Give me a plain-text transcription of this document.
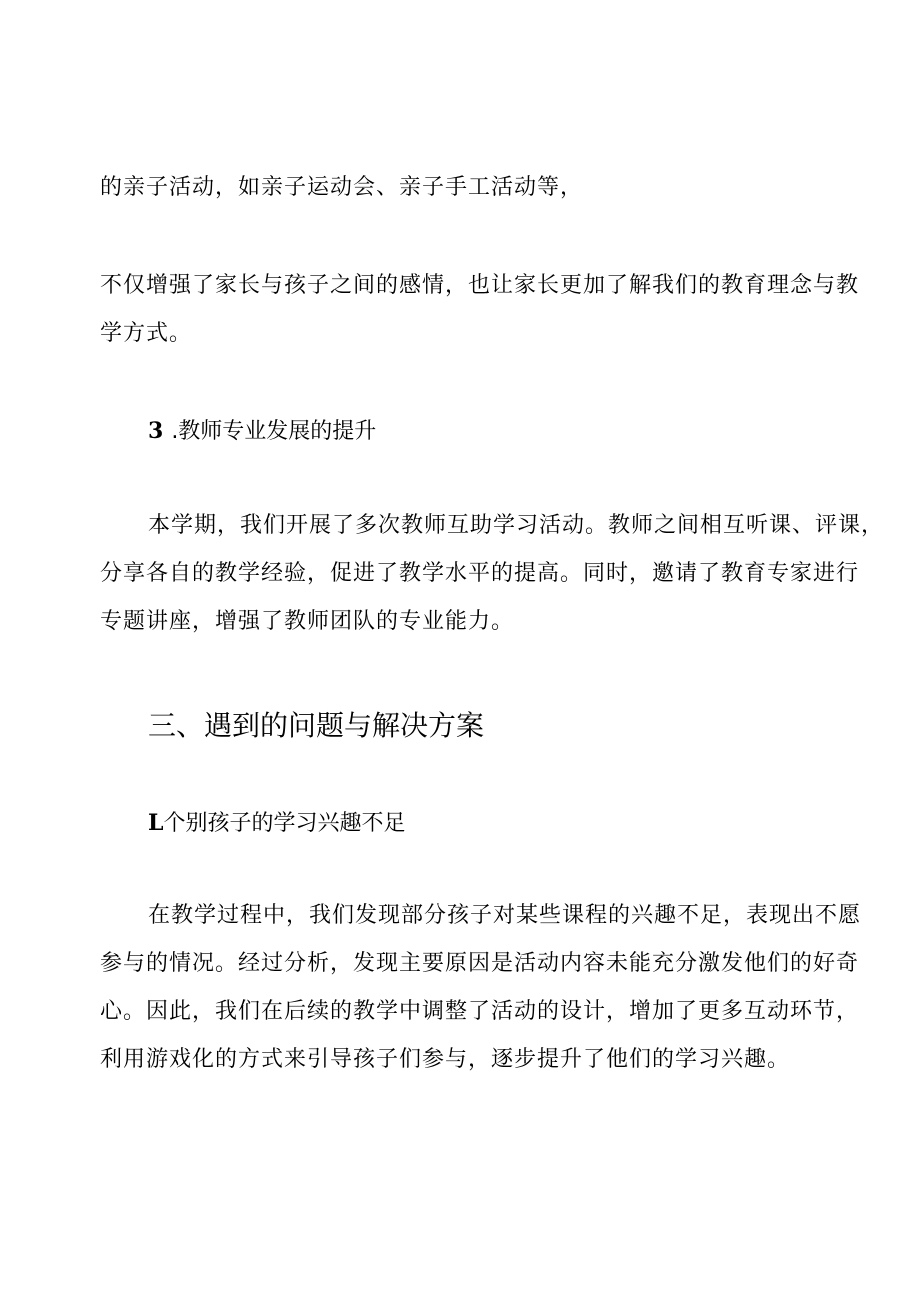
的亲子活动，如亲子运动会、亲子手工活动等，

不仅增强了家长与孩子之间的感情，也让家长更加了解我们的教育理念与教
学方式。

3 .教师专业发展的提升

本学期，我们开展了多次教师互助学习活动。教师之间相互听课、评课，
分享各自的教学经验，促进了教学水平的提高。同时，邀请了教育专家进行
专题讲座，增强了教师团队的专业能力。

三、遇到的问题与解决方案
L个别孩子的学习兴趣不足

在教学过程中，我们发现部分孩子对某些课程的兴趣不足，表现出不愿
参与的情况。经过分析，发现主要原因是活动内容未能充分激发他们的好奇
心。因此，我们在后续的教学中调整了活动的设计，增加了更多互动环节，
利用游戏化的方式来引导孩子们参与，逐步提升了他们的学习兴趣。
